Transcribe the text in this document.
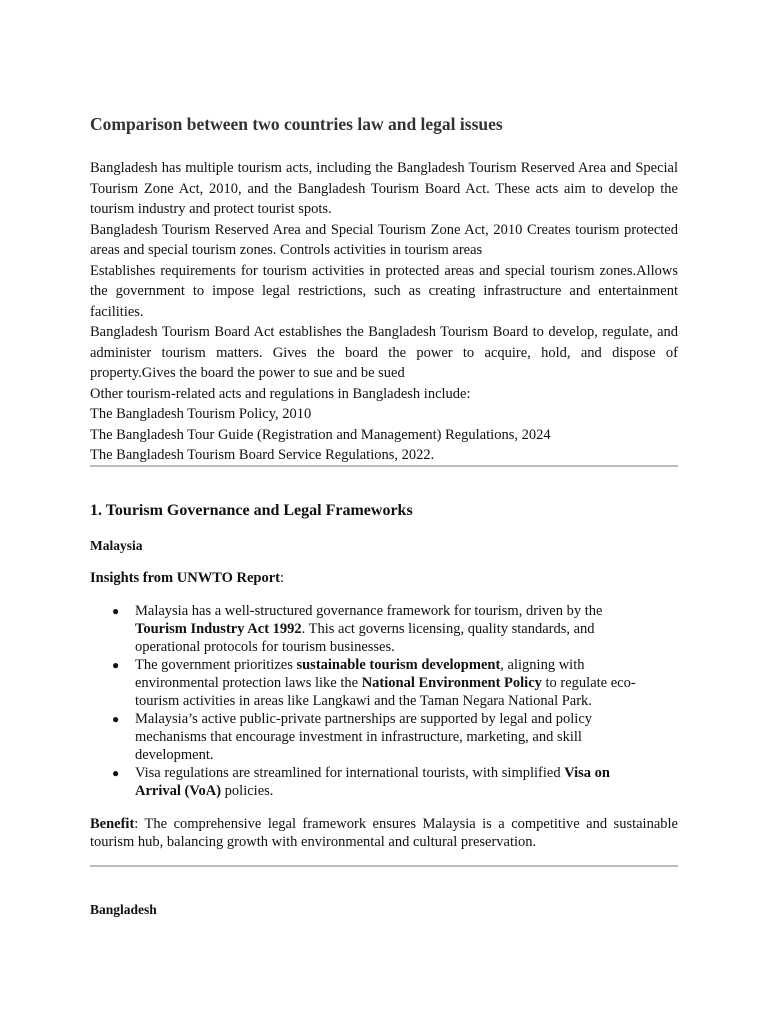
Comparison between two countries law and legal issues

Bangladesh has multiple tourism acts, including the Bangladesh Tourism Reserved Area and Special Tourism Zone Act, 2010, and the Bangladesh Tourism Board Act. These acts aim to develop the tourism industry and protect tourist spots.

Bangladesh Tourism Reserved Area and Special Tourism Zone Act, 2010 Creates tourism protected areas and special tourism zones. Controls activities in tourism areas

Establishes requirements for tourism activities in protected areas and special tourism zones.Allows the government to impose legal restrictions, such as creating infrastructure and entertainment facilities.

Bangladesh Tourism Board Act establishes the Bangladesh Tourism Board to develop, regulate, and administer tourism matters. Gives the board the power to acquire, hold, and dispose of property.Gives the board the power to sue and be sued

Other tourism-related acts and regulations in Bangladesh include:

The Bangladesh Tourism Policy, 2010

The Bangladesh Tour Guide (Registration and Management) Regulations, 2024

The Bangladesh Tourism Board Service Regulations, 2022.

1. Tourism Governance and Legal Frameworks
Malaysia

Insights from UNWTO Report:

● Malaysia has a well-structured governance framework for tourism, driven by the Tourism Industry Act 1992. This act governs licensing, quality standards, and operational protocols for tourism businesses.
● The government prioritizes sustainable tourism development, aligning with environmental protection laws like the National Environment Policy to regulate eco-tourism activities in areas like Langkawi and the Taman Negara National Park.
● Malaysia’s active public-private partnerships are supported by legal and policy mechanisms that encourage investment in infrastructure, marketing, and skill development.
● Visa regulations are streamlined for international tourists, with simplified Visa on Arrival (VoA) policies.

Benefit: The comprehensive legal framework ensures Malaysia is a competitive and sustainable tourism hub, balancing growth with environmental and cultural preservation.

Bangladesh
